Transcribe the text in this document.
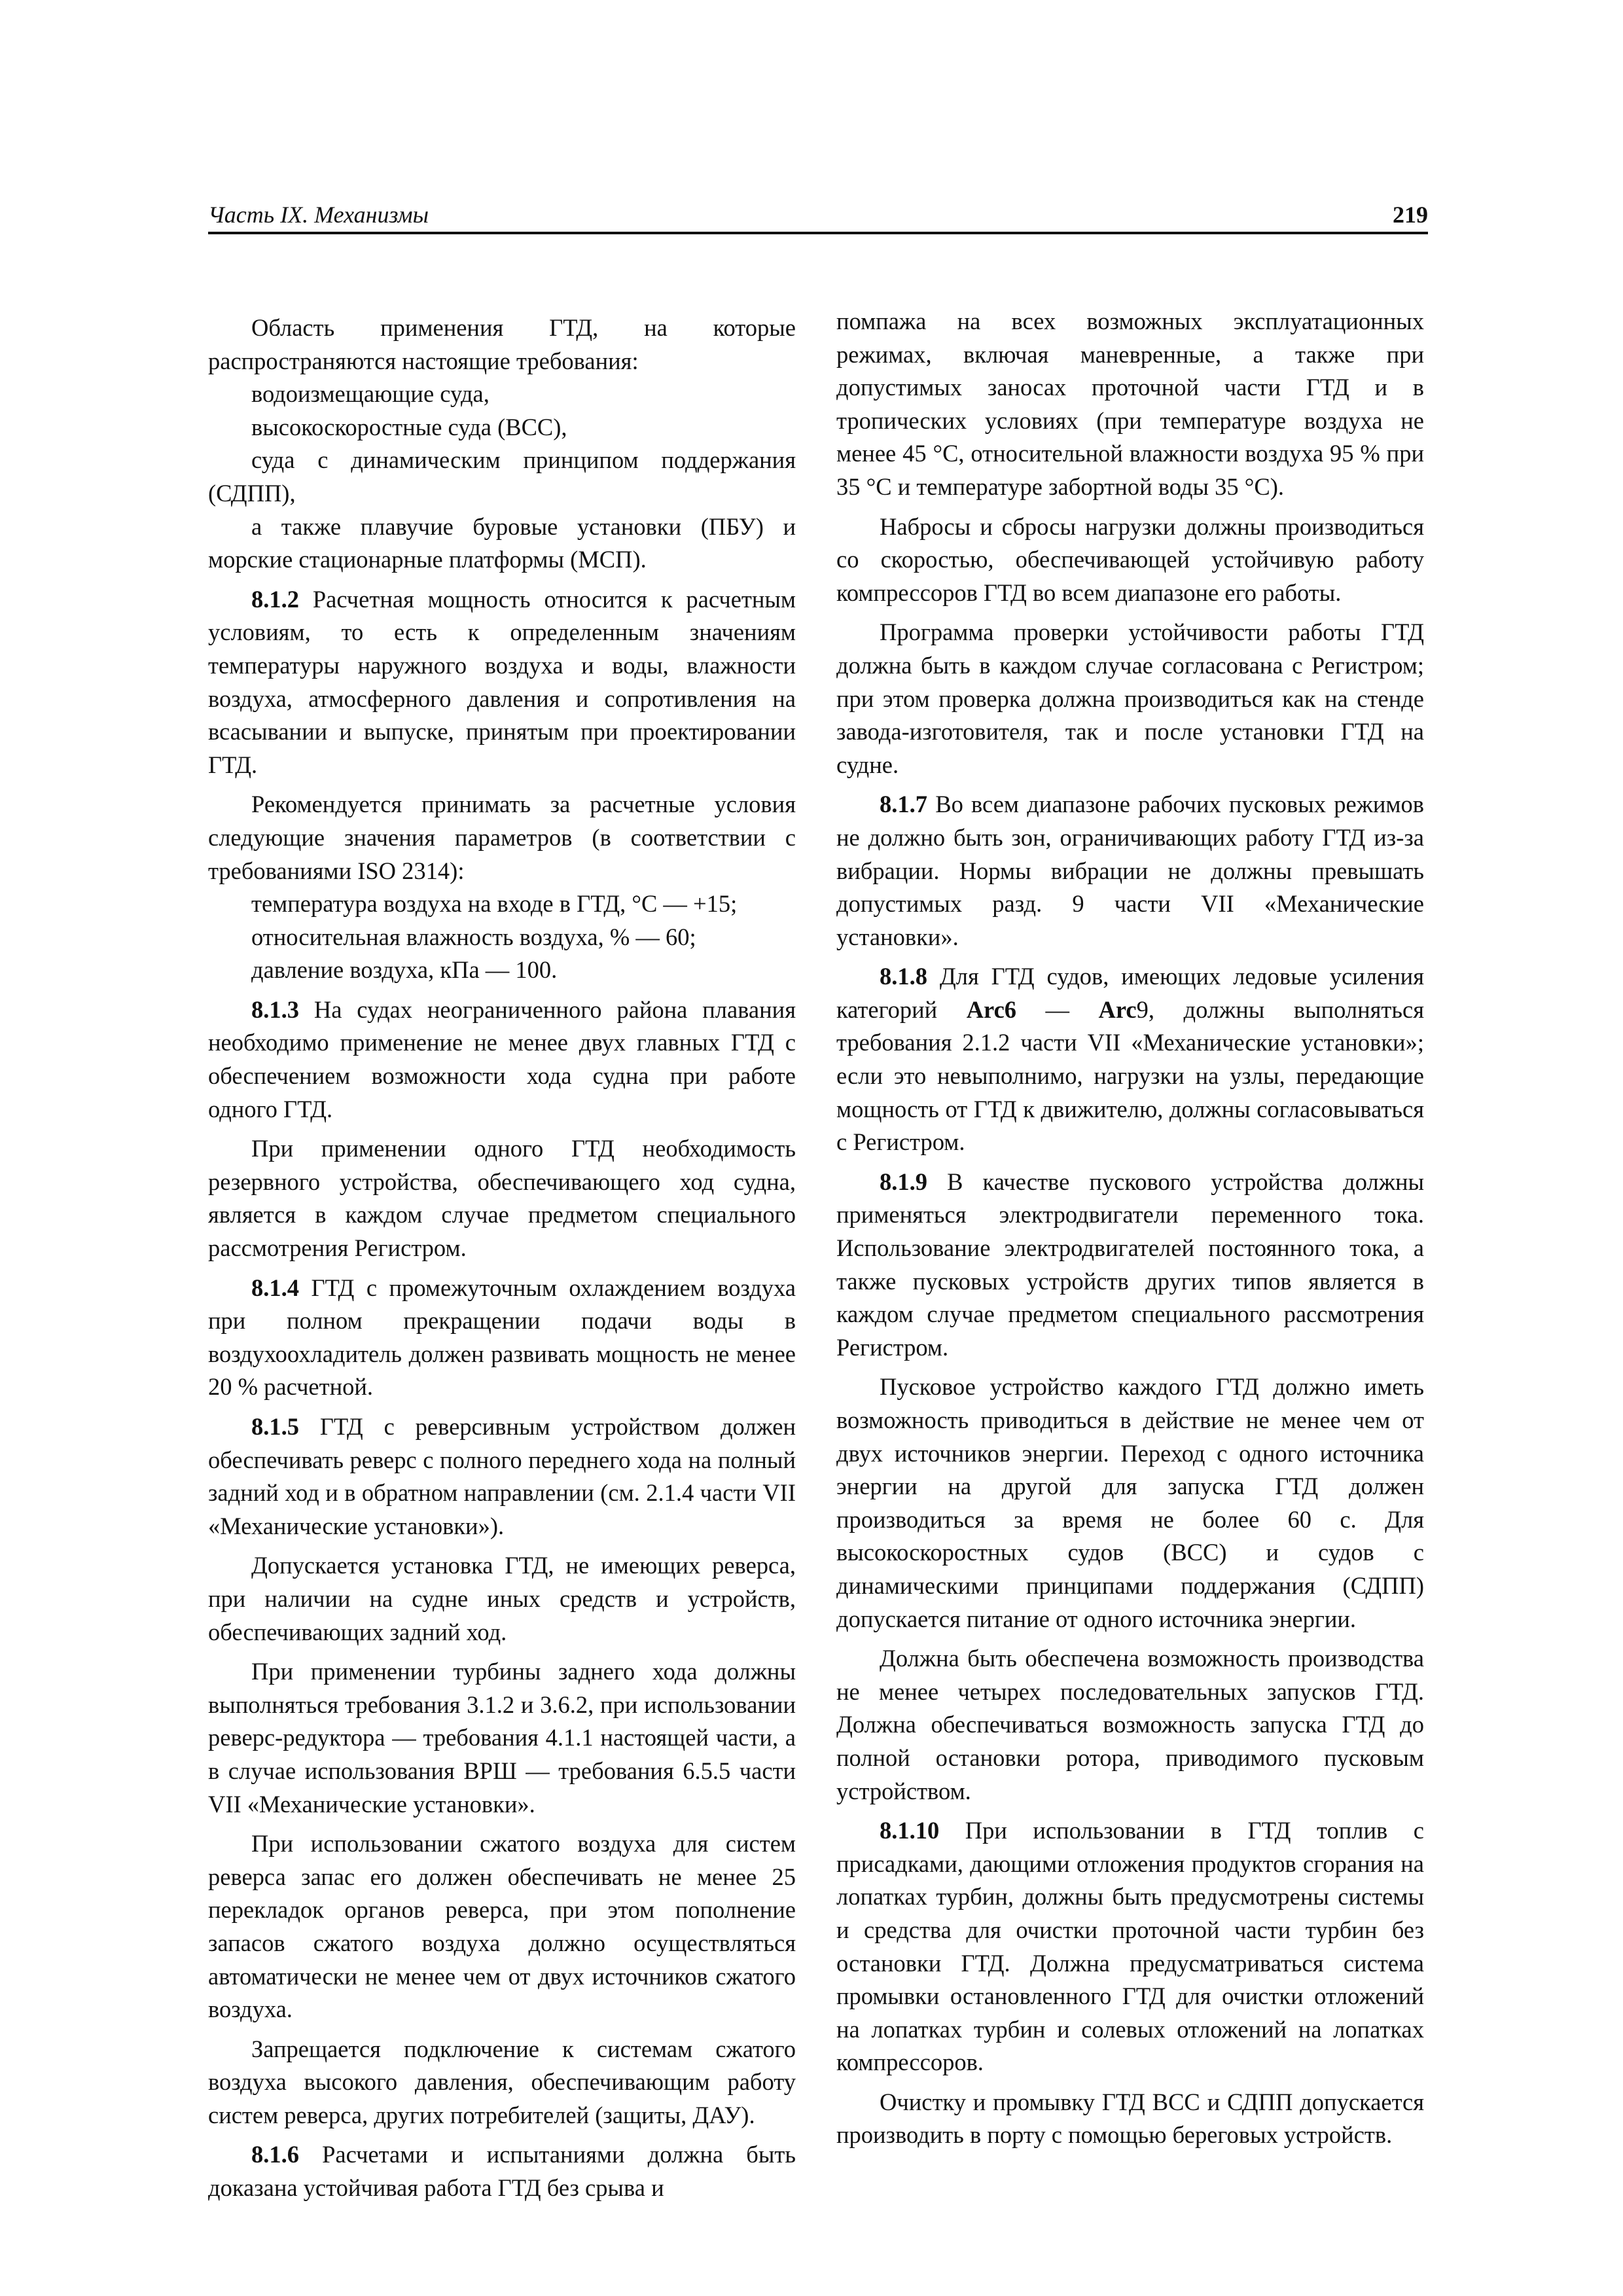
Часть IX. Механизмы	219

Область применения ГТД, на которые распространяются настоящие требования:

водоизмещающие суда,

высокоскоростные суда (ВСС),

суда с динамическим принципом поддержания (СДПП),

а также плавучие буровые установки (ПБУ) и морские стационарные платформы (МСП).

8.1.2 Расчетная мощность относится к расчетным условиям, то есть к определенным значениям температуры наружного воздуха и воды, влажности воздуха, атмосферного давления и сопротивления на всасывании и выпуске, принятым при проектировании ГТД.

Рекомендуется принимать за расчетные условия следующие значения параметров (в соответствии с требованиями ISO 2314):

температура воздуха на входе в ГТД, °С — +15;

относительная влажность воздуха, % — 60;

давление воздуха, кПа — 100.

8.1.3 На судах неограниченного района плавания необходимо применение не менее двух главных ГТД с обеспечением возможности хода судна при работе одного ГТД.

При применении одного ГТД необходимость резервного устройства, обеспечивающего ход судна, является в каждом случае предметом специального рассмотрения Регистром.

8.1.4 ГТД с промежуточным охлаждением воздуха при полном прекращении подачи воды в воздухоохладитель должен развивать мощность не менее 20 % расчетной.

8.1.5 ГТД с реверсивным устройством должен обеспечивать реверс с полного переднего хода на полный задний ход и в обратном направлении (см. 2.1.4 части VII «Механические установки»).

Допускается установка ГТД, не имеющих реверса, при наличии на судне иных средств и устройств, обеспечивающих задний ход.

При применении турбины заднего хода должны выполняться требования 3.1.2 и 3.6.2, при использовании реверс-редуктора — требования 4.1.1 настоящей части, а в случае использования ВРШ — требования 6.5.5 части VII «Механические установки».

При использовании сжатого воздуха для систем реверса запас его должен обеспечивать не менее 25 перекладок органов реверса, при этом пополнение запасов сжатого воздуха должно осуществляться автоматически не менее чем от двух источников сжатого воздуха.

Запрещается подключение к системам сжатого воздуха высокого давления, обеспечивающим работу систем реверса, других потребителей (защиты, ДАУ).

8.1.6 Расчетами и испытаниями должна быть доказана устойчивая работа ГТД без срыва и

помпажа на всех возможных эксплуатационных режимах, включая маневренные, а также при допустимых заносах проточной части ГТД и в тропических условиях (при температуре воздуха не менее 45 °С, относительной влажности воздуха 95 % при 35 °С и температуре забортной воды 35 °С).

Набросы и сбросы нагрузки должны производиться со скоростью, обеспечивающей устойчивую работу компрессоров ГТД во всем диапазоне его работы.

Программа проверки устойчивости работы ГТД должна быть в каждом случае согласована с Регистром; при этом проверка должна производиться как на стенде завода-изготовителя, так и после установки ГТД на судне.

8.1.7 Во всем диапазоне рабочих пусковых режимов не должно быть зон, ограничивающих работу ГТД из-за вибрации. Нормы вибрации не должны превышать допустимых разд. 9 части VII «Механические установки».

8.1.8 Для ГТД судов, имеющих ледовые усиления категорий Arc6 — Arc9, должны выполняться требования 2.1.2 части VII «Механические установки»; если это невыполнимо, нагрузки на узлы, передающие мощность от ГТД к движителю, должны согласовываться с Регистром.

8.1.9 В качестве пускового устройства должны применяться электродвигатели переменного тока. Использование электродвигателей постоянного тока, а также пусковых устройств других типов является в каждом случае предметом специального рассмотрения Регистром.

Пусковое устройство каждого ГТД должно иметь возможность приводиться в действие не менее чем от двух источников энергии. Переход с одного источника энергии на другой для запуска ГТД должен производиться за время не более 60 с. Для высокоскоростных судов (ВСС) и судов с динамическими принципами поддержания (СДПП) допускается питание от одного источника энергии.

Должна быть обеспечена возможность производства не менее четырех последовательных запусков ГТД. Должна обеспечиваться возможность запуска ГТД до полной остановки ротора, приводимого пусковым устройством.

8.1.10 При использовании в ГТД топлив с присадками, дающими отложения продуктов сгорания на лопатках турбин, должны быть предусмотрены системы и средства для очистки проточной части турбин без остановки ГТД. Должна предусматриваться система промывки остановленного ГТД для очистки отложений на лопатках турбин и солевых отложений на лопатках компрессоров.

Очистку и промывку ГТД ВСС и СДПП допускается производить в порту с помощью береговых устройств.
